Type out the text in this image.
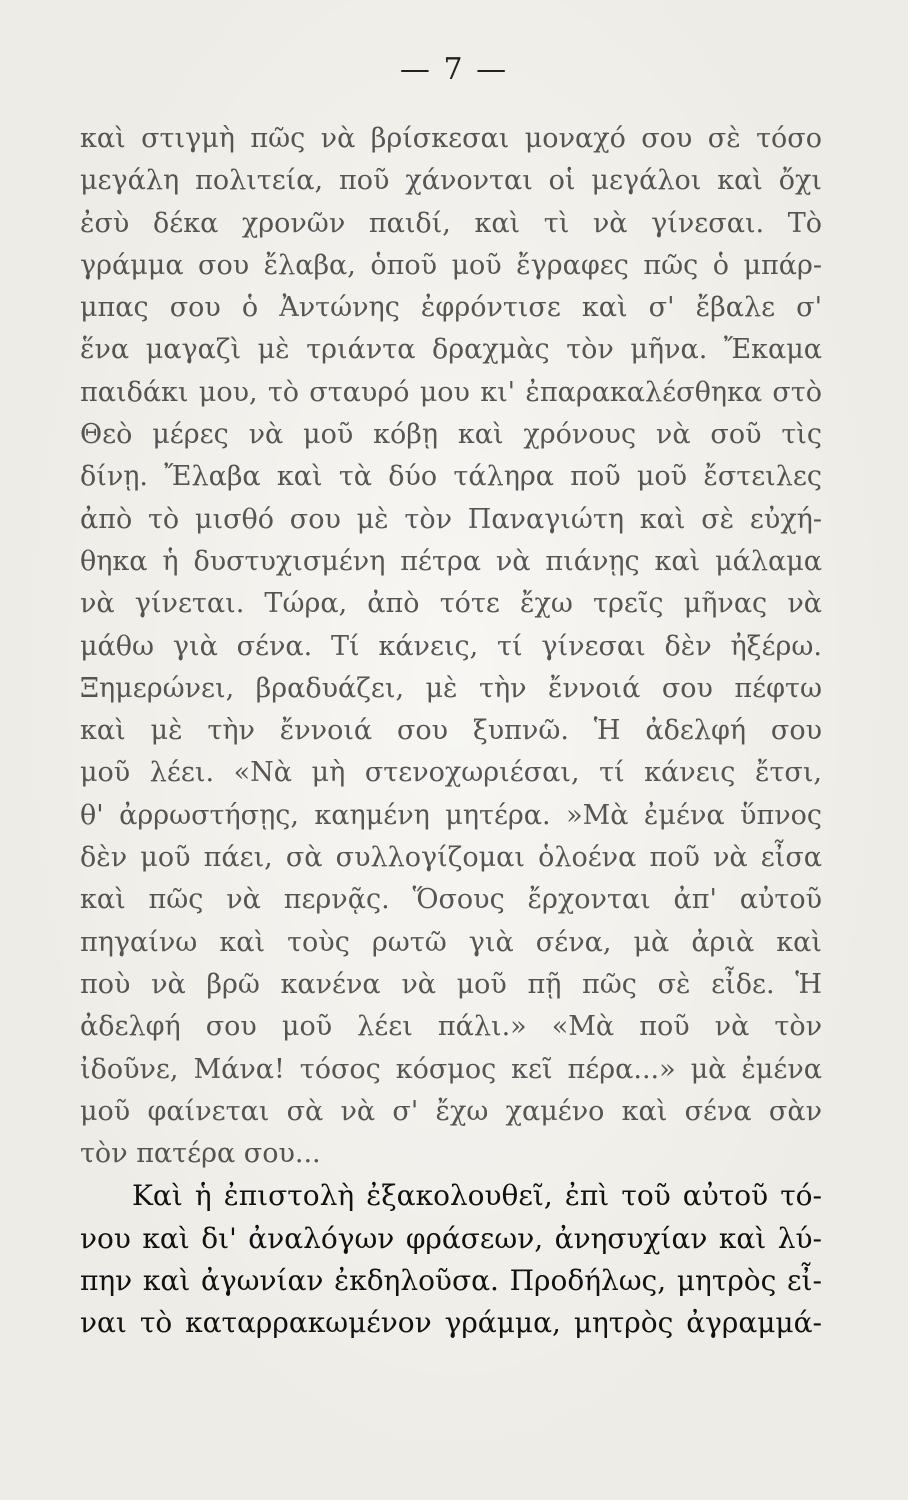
— 7 —
καὶ στιγμὴ πῶς νὰ βρίσκεσαι μοναχό σου σὲ τόσο
μεγάλη πολιτεία, ποῦ χάνονται οἱ μεγάλοι καὶ ὄχι
ἐσὺ δέκα χρονῶν παιδί, καὶ τὶ νὰ γίνεσαι. Τὸ
γράμμα σου ἔλαβα, ὁποῦ μοῦ ἔγραφες πῶς ὁ μπάρ-
μπας σου ὁ Ἀντώνης ἐφρόντισε καὶ σ' ἔβαλε σ'
ἕνα μαγαζὶ μὲ τριάντα δραχμὰς τὸν μῆνα. Ἔκαμα
παιδάκι μου, τὸ σταυρό μου κι' ἐπαρακαλέσθηκα στὸ
Θεὸ μέρες νὰ μοῦ κόβῃ καὶ χρόνους νὰ σοῦ τὶς
δίνῃ. Ἔλαβα καὶ τὰ δύο τάληρα ποῦ μοῦ ἔστειλες
ἀπὸ τὸ μισθό σου μὲ τὸν Παναγιώτη καὶ σὲ εὐχή-
θηκα ἡ δυστυχισμένη πέτρα νὰ πιάνῃς καὶ μάλαμα
νὰ γίνεται. Τώρα, ἀπὸ τότε ἔχω τρεῖς μῆνας νὰ
μάθω γιὰ σένα. Τί κάνεις, τί γίνεσαι δὲν ἠξέρω.
Ξημερώνει, βραδυάζει, μὲ τὴν ἔννοιά σου πέφτω
καὶ μὲ τὴν ἔννοιά σου ξυπνῶ. Ἡ ἀδελφή σου
μοῦ λέει. «Νὰ μὴ στενοχωριέσαι, τί κάνεις ἔτσι,
θ' ἀρρωστήσῃς, καημένη μητέρα. »Μὰ ἐμένα ὕπνος
δὲν μοῦ πάει, σὰ συλλογίζομαι ὁλοένα ποῦ νὰ εἶσα
καὶ πῶς νὰ περνᾷς. Ὅσους ἔρχονται ἀπ' αὐτοῦ
πηγαίνω καὶ τοὺς ρωτῶ γιὰ σένα, μὰ ἀριὰ καὶ
ποὺ νὰ βρῶ κανένα νὰ μοῦ πῇ πῶς σὲ εἶδε. Ἡ
ἀδελφή σου μοῦ λέει πάλι.» «Μὰ ποῦ νὰ τὸν
ἰδοῦνε, Μάνα! τόσος κόσμος κεῖ πέρα...» μὰ ἐμένα
μοῦ φαίνεται σὰ νὰ σ' ἔχω χαμένο καὶ σένα σὰν
τὸν πατέρα σου...
Καὶ ἡ ἐπιστολὴ ἐξακολουθεῖ, ἐπὶ τοῦ αὐτοῦ τό-
νου καὶ δι' ἀναλόγων φράσεων, ἀνησυχίαν καὶ λύ-
πην καὶ ἀγωνίαν ἐκδηλοῦσα. Προδήλως, μητρὸς εἶ-
ναι τὸ καταρρακωμένον γράμμα, μητρὸς ἀγραμμά-
